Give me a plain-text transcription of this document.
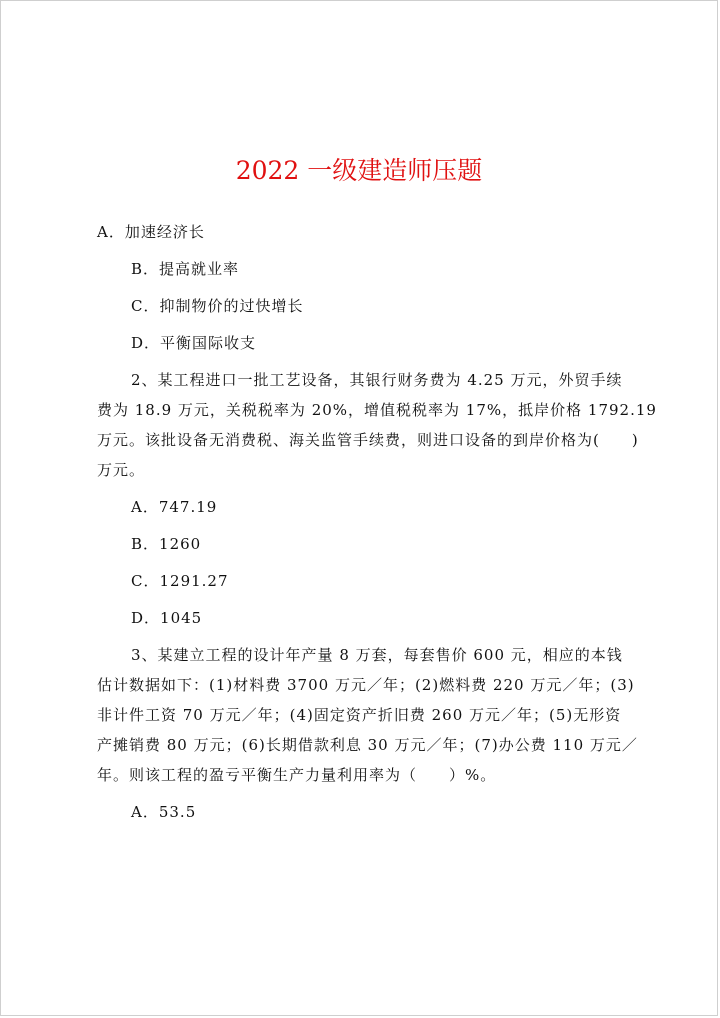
2022 一级建造师压题
A．加速经济长
B．提高就业率
C．抑制物价的过快增长
D．平衡国际收支
2、某工程进口一批工艺设备，其银行财务费为 4.25 万元，外贸手续
费为 18.9 万元，关税税率为 20%，增值税税率为 17%，抵岸价格 1792.19
万元。该批设备无消费税、海关监管手续费，则进口设备的到岸价格为(　　)
万元。
A．747.19
B．1260
C．1291.27
D．1045
3、某建立工程的设计年产量 8 万套，每套售价 600 元，相应的本钱
估计数据如下：(1)材料费 3700 万元／年；(2)燃料费 220 万元／年；(3)
非计件工资 70 万元／年；(4)固定资产折旧费 260 万元／年；(5)无形资
产摊销费 80 万元；(6)长期借款利息 30 万元／年；(7)办公费 110 万元／
年。则该工程的盈亏平衡生产力量利用率为（　　）%。
A．53.5
